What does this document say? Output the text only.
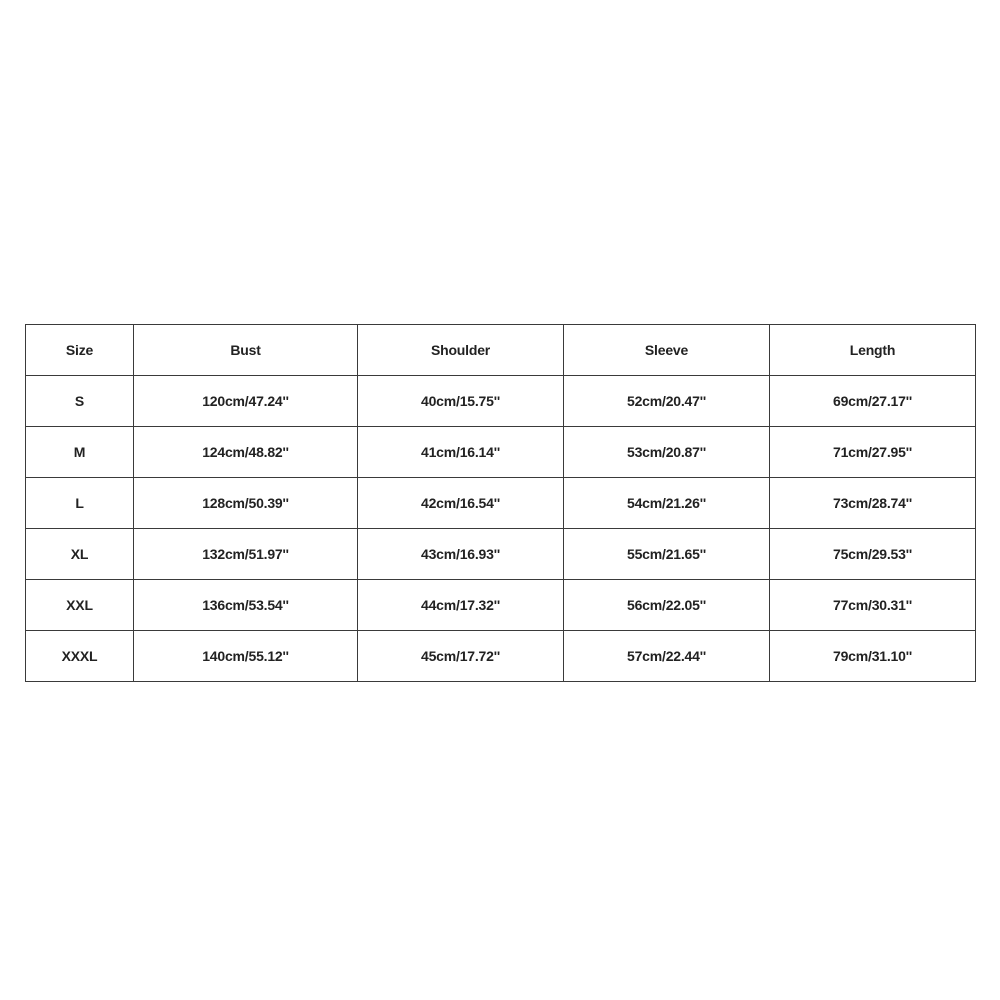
Size	Bust	Shoulder	Sleeve	Length
S	120cm/47.24''	40cm/15.75''	52cm/20.47''	69cm/27.17''
M	124cm/48.82''	41cm/16.14''	53cm/20.87''	71cm/27.95''
L	128cm/50.39''	42cm/16.54''	54cm/21.26''	73cm/28.74''
XL	132cm/51.97''	43cm/16.93''	55cm/21.65''	75cm/29.53''
XXL	136cm/53.54''	44cm/17.32''	56cm/22.05''	77cm/30.31''
XXXL	140cm/55.12''	45cm/17.72''	57cm/22.44''	79cm/31.10''
